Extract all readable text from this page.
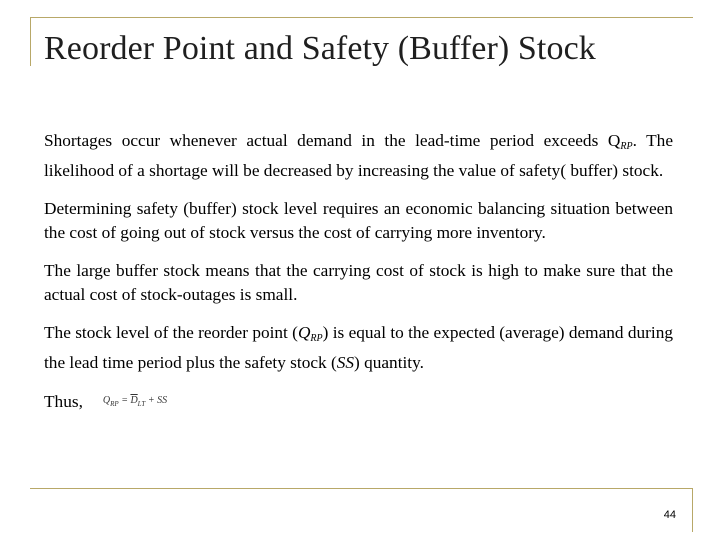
Reorder Point and Safety (Buffer) Stock

Shortages occur whenever actual demand in the lead-time period exceeds $Q_{RP}$. The likelihood of a shortage will be decreased by increasing the value of safety( buffer) stock.

Determining safety (buffer) stock level requires an economic balancing situation between the cost of going out of stock versus the cost of carrying more inventory.

The large buffer stock means that the carrying cost of stock is high to make sure that the actual cost of stock-outages is small.

The stock level of the reorder point $(Q_{RP})$ is equal to the expected (average) demand during the lead time period plus the safety stock (SS) quantity.

Thus, $Q_{RP} = \overline{D}_{LT}$ + SS

44
